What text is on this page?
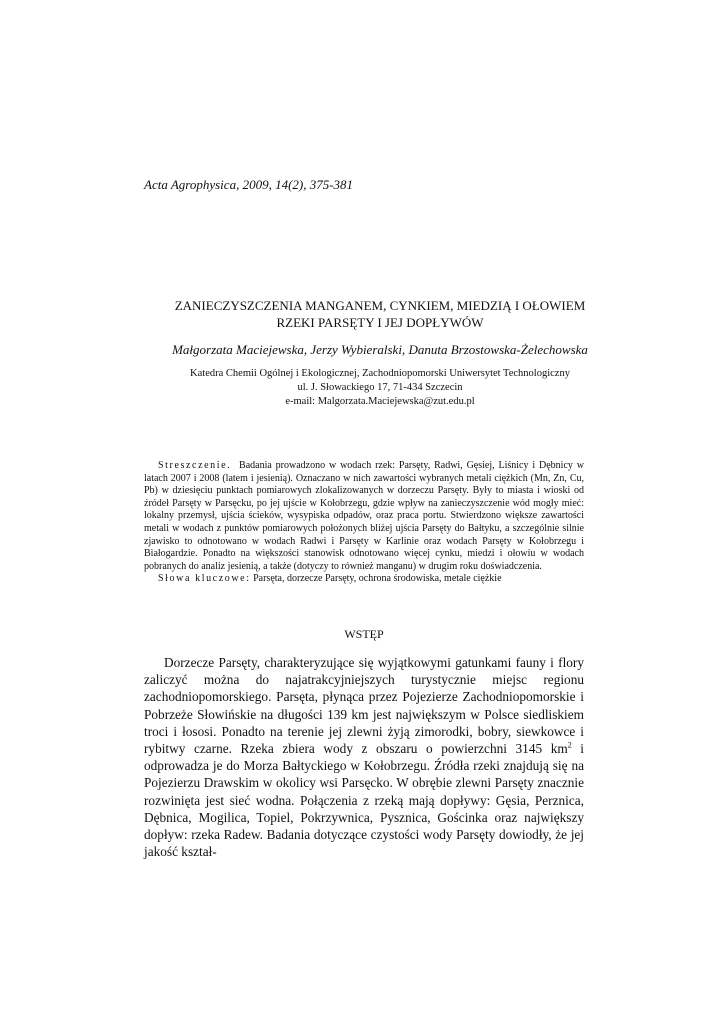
Acta Agrophysica, 2009, 14(2), 375-381
ZANIECZYSZCZENIA MANGANEM, CYNKIEM, MIEDZIĄ I OŁOWIEM
RZEKI PARSĘTY I JEJ DOPŁYWÓW
Małgorzata Maciejewska, Jerzy Wybieralski, Danuta Brzostowska-Żelechowska
Katedra Chemii Ogólnej i Ekologicznej, Zachodniopomorski Uniwersytet Technologiczny
ul. J. Słowackiego 17, 71-434 Szczecin
e-mail: Malgorzata.Maciejewska@zut.edu.pl

Streszczenie. Badania prowadzono w wodach rzek: Parsęty, Radwi, Gęsiej, Liśnicy i Dębnicy w latach 2007 i 2008 (latem i jesienią). Oznaczano w nich zawartości wybranych metali ciężkich (Mn, Zn, Cu, Pb) w dziesięciu punktach pomiarowych zlokalizowanych w dorzeczu Parsęty. Były to miasta i wioski od źródeł Parsęty w Parsęcku, po jej ujście w Kołobrzegu, gdzie wpływ na zanieczyszczenie wód mogły mieć: lokalny przemysł, ujścia ścieków, wysypiska odpadów, oraz praca portu. Stwierdzono większe zawartości metali w wodach z punktów pomiarowych położonych bliżej ujścia Parsęty do Bałtyku, a szczególnie silnie zjawisko to odnotowano w wodach Radwi i Parsęty w Karlinie oraz wodach Parsęty w Kołobrzegu i Białogardzie. Ponadto na większości stanowisk odnotowano więcej cynku, miedzi i ołowiu w wodach pobranych do analiz jesienią, a także (dotyczy to również manganu) w drugim roku doświadczenia.

Słowa kluczowe: Parsęta, dorzecze Parsęty, ochrona środowiska, metale ciężkie

WSTĘP

Dorzecze Parsęty, charakteryzujące się wyjątkowymi gatunkami fauny i flory zaliczyć można do najatrakcyjniejszych turystycznie miejsc regionu zachodniopomorskiego. Parsęta, płynąca przez Pojezierze Zachodniopomorskie i Pobrzeże Słowińskie na długości 139 km jest największym w Polsce siedliskiem troci i łososi. Ponadto na terenie jej zlewni żyją zimorodki, bobry, siewkowce i rybitwy czarne. Rzeka zbiera wody z obszaru o powierzchni 3145 $km^2$ i odprowadza je do Morza Bałtyckiego w Kołobrzegu. Źródła rzeki znajdują się na Pojezierzu Drawskim w okolicy wsi Parsęcko. W obrębie zlewni Parsęty znacznie rozwinięta jest sieć wodna. Połączenia z rzeką mają dopływy: Gęsia, Perznica, Dębnica, Mogilica, Topiel, Pokrzywnica, Pysznica, Gościnka oraz największy dopływ: rzeka Radew. Badania dotyczące czystości wody Parsęty dowiodły, że jej jakość kształ-
